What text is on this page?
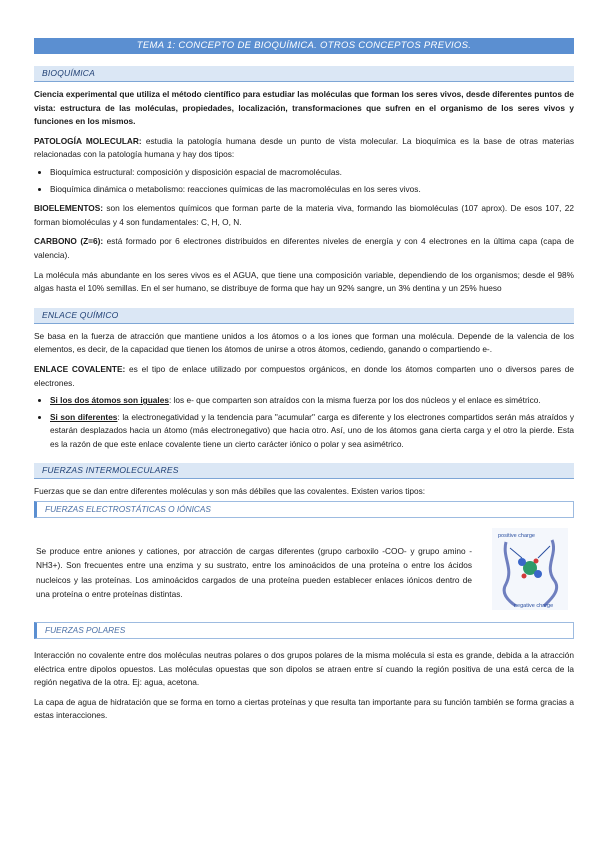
TEMA 1: CONCEPTO DE BIOQUÍMICA. OTROS CONCEPTOS PREVIOS.
BIOQUÍMICA

Ciencia experimental que utiliza el método científico para estudiar las moléculas que forman los seres vivos, desde diferentes puntos de vista: estructura de las moléculas, propiedades, localización, transformaciones que sufren en el organismo de los seres vivos y funciones en los mismos.

PATOLOGÍA MOLECULAR: estudia la patología humana desde un punto de vista molecular. La bioquímica es la base de otras materias relacionadas con la patología humana y hay dos tipos:

• Bioquímica estructural: composición y disposición espacial de macromoléculas.
• Bioquímica dinámica o metabolismo: reacciones químicas de las macromoléculas en los seres vivos.

BIOELEMENTOS: son los elementos químicos que forman parte de la materia viva, formando las biomoléculas (107 aprox). De esos 107, 22 forman biomoléculas y 4 son fundamentales: C, H, O, N.

CARBONO (Z=6): está formado por 6 electrones distribuidos en diferentes niveles de energía y con 4 electrones en la última capa (capa de valencia).

La molécula más abundante en los seres vivos es el AGUA, que tiene una composición variable, dependiendo de los organismos; desde el 98% algas hasta el 10% semillas. En el ser humano, se distribuye de forma que hay un 92% sangre, un 3% dentina y un 25% hueso

ENLACE QUÍMICO

Se basa en la fuerza de atracción que mantiene unidos a los átomos o a los iones que forman una molécula. Depende de la valencia de los elementos, es decir, de la capacidad que tienen los átomos de unirse a otros átomos, cediendo, ganando o compartiendo e-.

ENLACE COVALENTE: es el tipo de enlace utilizado por compuestos orgánicos, en donde los átomos comparten uno o diversos pares de electrones.

• Si los dos átomos son iguales: los e- que comparten son atraídos con la misma fuerza por los dos núcleos y el enlace es simétrico.
• Si son diferentes: la electronegatividad y la tendencia para "acumular" carga es diferente y los electrones compartidos serán más atraídos y estarán desplazados hacia un átomo (más electronegativo) que hacia otro. Así, uno de los átomos gana cierta carga y el otro la pierde. Esta es la razón de que este enlace covalente tiene un cierto carácter iónico o polar y sea asimétrico.
FUERZAS INTERMOLECULARES

Fuerzas que se dan entre diferentes moléculas y son más débiles que las covalentes. Existen varios tipos:

FUERZAS ELECTROSTÁTICAS O IÓNICAS
Se produce entre aniones y cationes, por atracción de cargas diferentes (grupo carboxilo -COO- y grupo amino -NH3+). Son frecuentes entre una enzima y su sustrato, entre los aminoácidos de una proteína o entre los ácidos nucleicos y las proteínas. Los aminoácidos cargados de una proteína pueden establecer enlaces iónicos dentro de una proteína o entre proteínas distintas.
positive charge
negative charge
FUERZAS POLARES

Interacción no covalente entre dos moléculas neutras polares o dos grupos polares de la misma molécula si esta es grande, debida a la atracción eléctrica entre dipolos opuestos. Las moléculas opuestas que son dipolos se atraen entre sí cuando la región positiva de una está cerca de la región negativa de la otra. Ej: agua, acetona.

La capa de agua de hidratación que se forma en torno a ciertas proteínas y que resulta tan importante para su función también se forma gracias a estas interacciones.
